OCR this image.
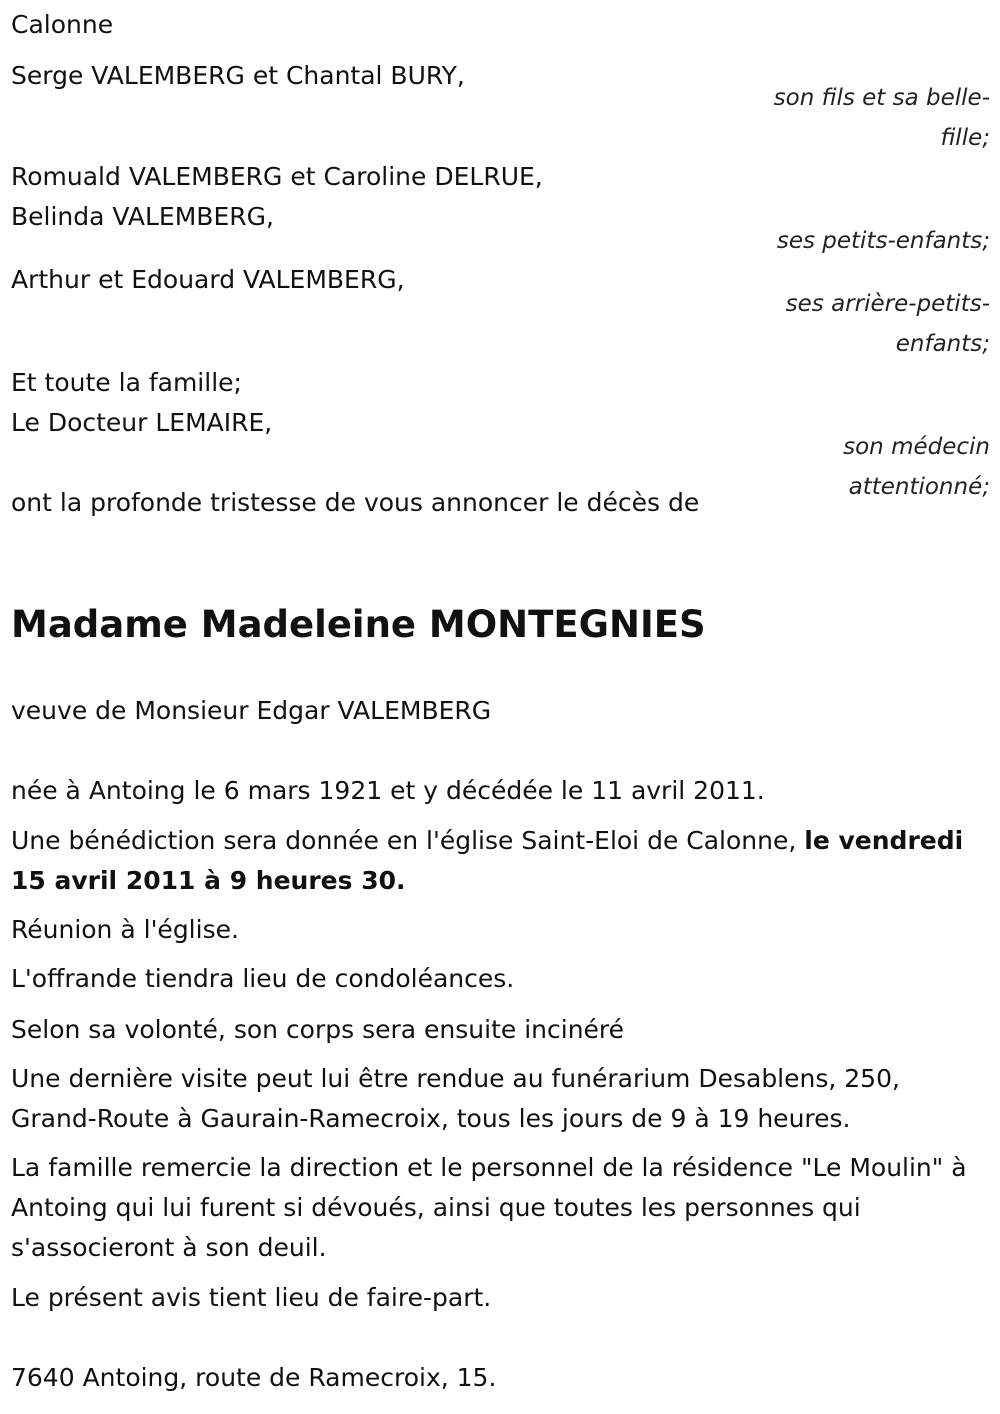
Calonne

Serge VALEMBERG et Chantal BURY,

son fils et sa belle-fille;

Romuald VALEMBERG et Caroline DELRUE,

Belinda VALEMBERG,

ses petits-enfants;

Arthur et Edouard VALEMBERG,

ses arrière-petits-enfants;

Et toute la famille;

Le Docteur LEMAIRE,

son médecin attentionné;

ont la profonde tristesse de vous annoncer le décès de

Madame Madeleine MONTEGNIES

veuve de Monsieur Edgar VALEMBERG

née à Antoing le 6 mars 1921 et y décédée le 11 avril 2011.

Une bénédiction sera donnée en l'église Saint-Eloi de Calonne, le vendredi 15 avril 2011 à 9 heures 30.

Réunion à l'église.

L'offrande tiendra lieu de condoléances.

Selon sa volonté, son corps sera ensuite incinéré

Une dernière visite peut lui être rendue au funérarium Desablens, 250, Grand-Route à Gaurain-Ramecroix, tous les jours de 9 à 19 heures.

La famille remercie la direction et le personnel de la résidence "Le Moulin" à Antoing qui lui furent si dévoués, ainsi que toutes les personnes qui s'associeront à son deuil.

Le présent avis tient lieu de faire-part.

7640 Antoing, route de Ramecroix, 15.
